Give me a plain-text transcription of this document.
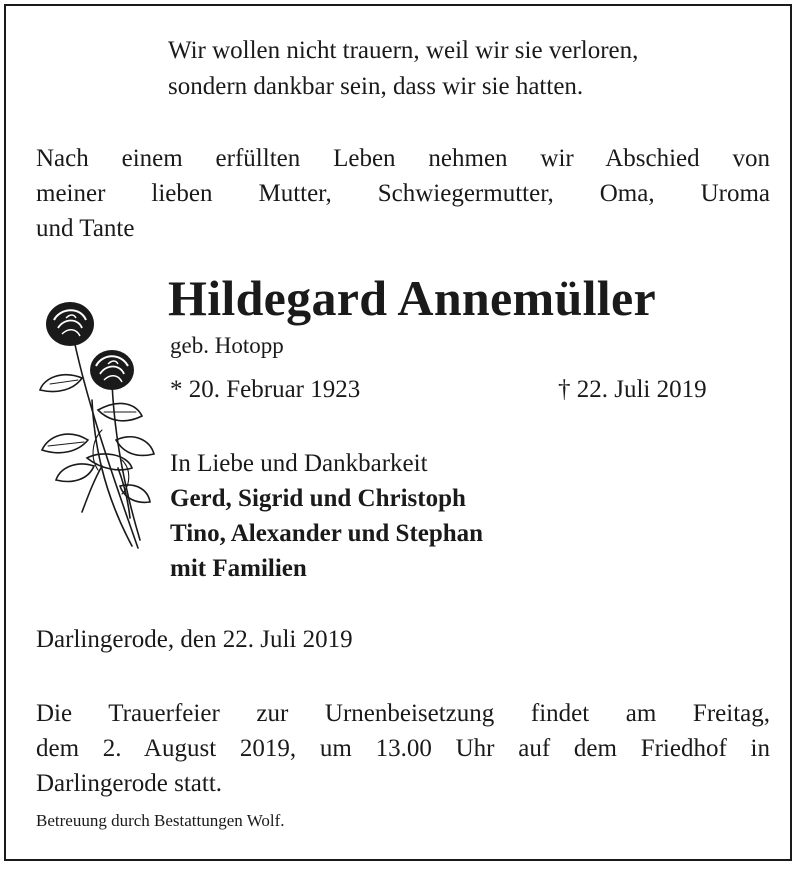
Wir wollen nicht trauern, weil wir sie verloren,
sondern dankbar sein, dass wir sie hatten.
Nach einem erfüllten Leben nehmen wir Abschied von
meiner lieben Mutter, Schwiegermutter, Oma, Uroma
und Tante
Hildegard Annemüller
geb. Hotopp
* 20. Februar 1923	† 22. Juli 2019
In Liebe und Dankbarkeit
Gerd, Sigrid und Christoph
Tino, Alexander und Stephan
mit Familien
Darlingerode, den 22. Juli 2019
Die Trauerfeier zur Urnenbeisetzung findet am Freitag,
dem 2. August 2019, um 13.00 Uhr auf dem Friedhof in
Darlingerode statt.
Betreuung durch Bestattungen Wolf.
